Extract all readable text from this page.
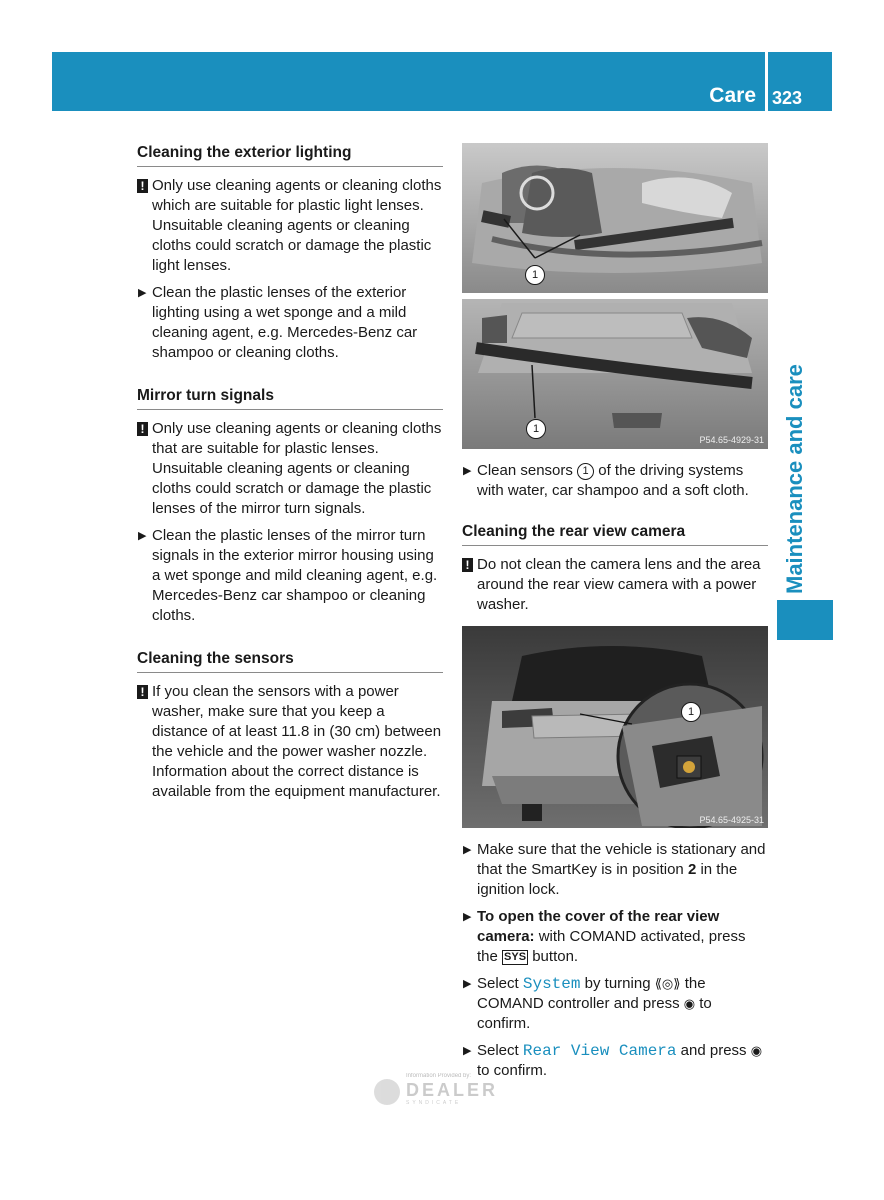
Care 323
Maintenance and care
Cleaning the exterior lighting
! Only use cleaning agents or cleaning cloths which are suitable for plastic light lenses. Unsuitable cleaning agents or cleaning cloths could scratch or damage the plastic light lenses.
▶ Clean the plastic lenses of the exterior lighting using a wet sponge and a mild cleaning agent, e.g. Mercedes-Benz car shampoo or cleaning cloths.
Mirror turn signals
! Only use cleaning agents or cleaning cloths that are suitable for plastic lenses. Unsuitable cleaning agents or cleaning cloths could scratch or damage the plastic lenses of the mirror turn signals.
▶ Clean the plastic lenses of the mirror turn signals in the exterior mirror housing using a wet sponge and mild cleaning agent, e.g. Mercedes-Benz car shampoo or cleaning cloths.
Cleaning the sensors
! If you clean the sensors with a power washer, make sure that you keep a distance of at least 11.8 in (30 cm) between the vehicle and the power washer nozzle. Information about the correct distance is available from the equipment manufacturer.
1
1
P54.65-4929-31
▶ Clean sensors 1 of the driving systems with water, car shampoo and a soft cloth.
Cleaning the rear view camera
! Do not clean the camera lens and the area around the rear view camera with a power washer.
1
P54.65-4925-31
▶ Make sure that the vehicle is stationary and that the SmartKey is in position 2 in the ignition lock.
▶ To open the cover of the rear view camera: with COMAND activated, press the SYS button.
▶ Select System by turning ⟪◎⟫ the COMAND controller and press ◉ to confirm.
▶ Select Rear View Camera and press ◉ to confirm.
Information Provided by:
DEALER
SYNDICATE
